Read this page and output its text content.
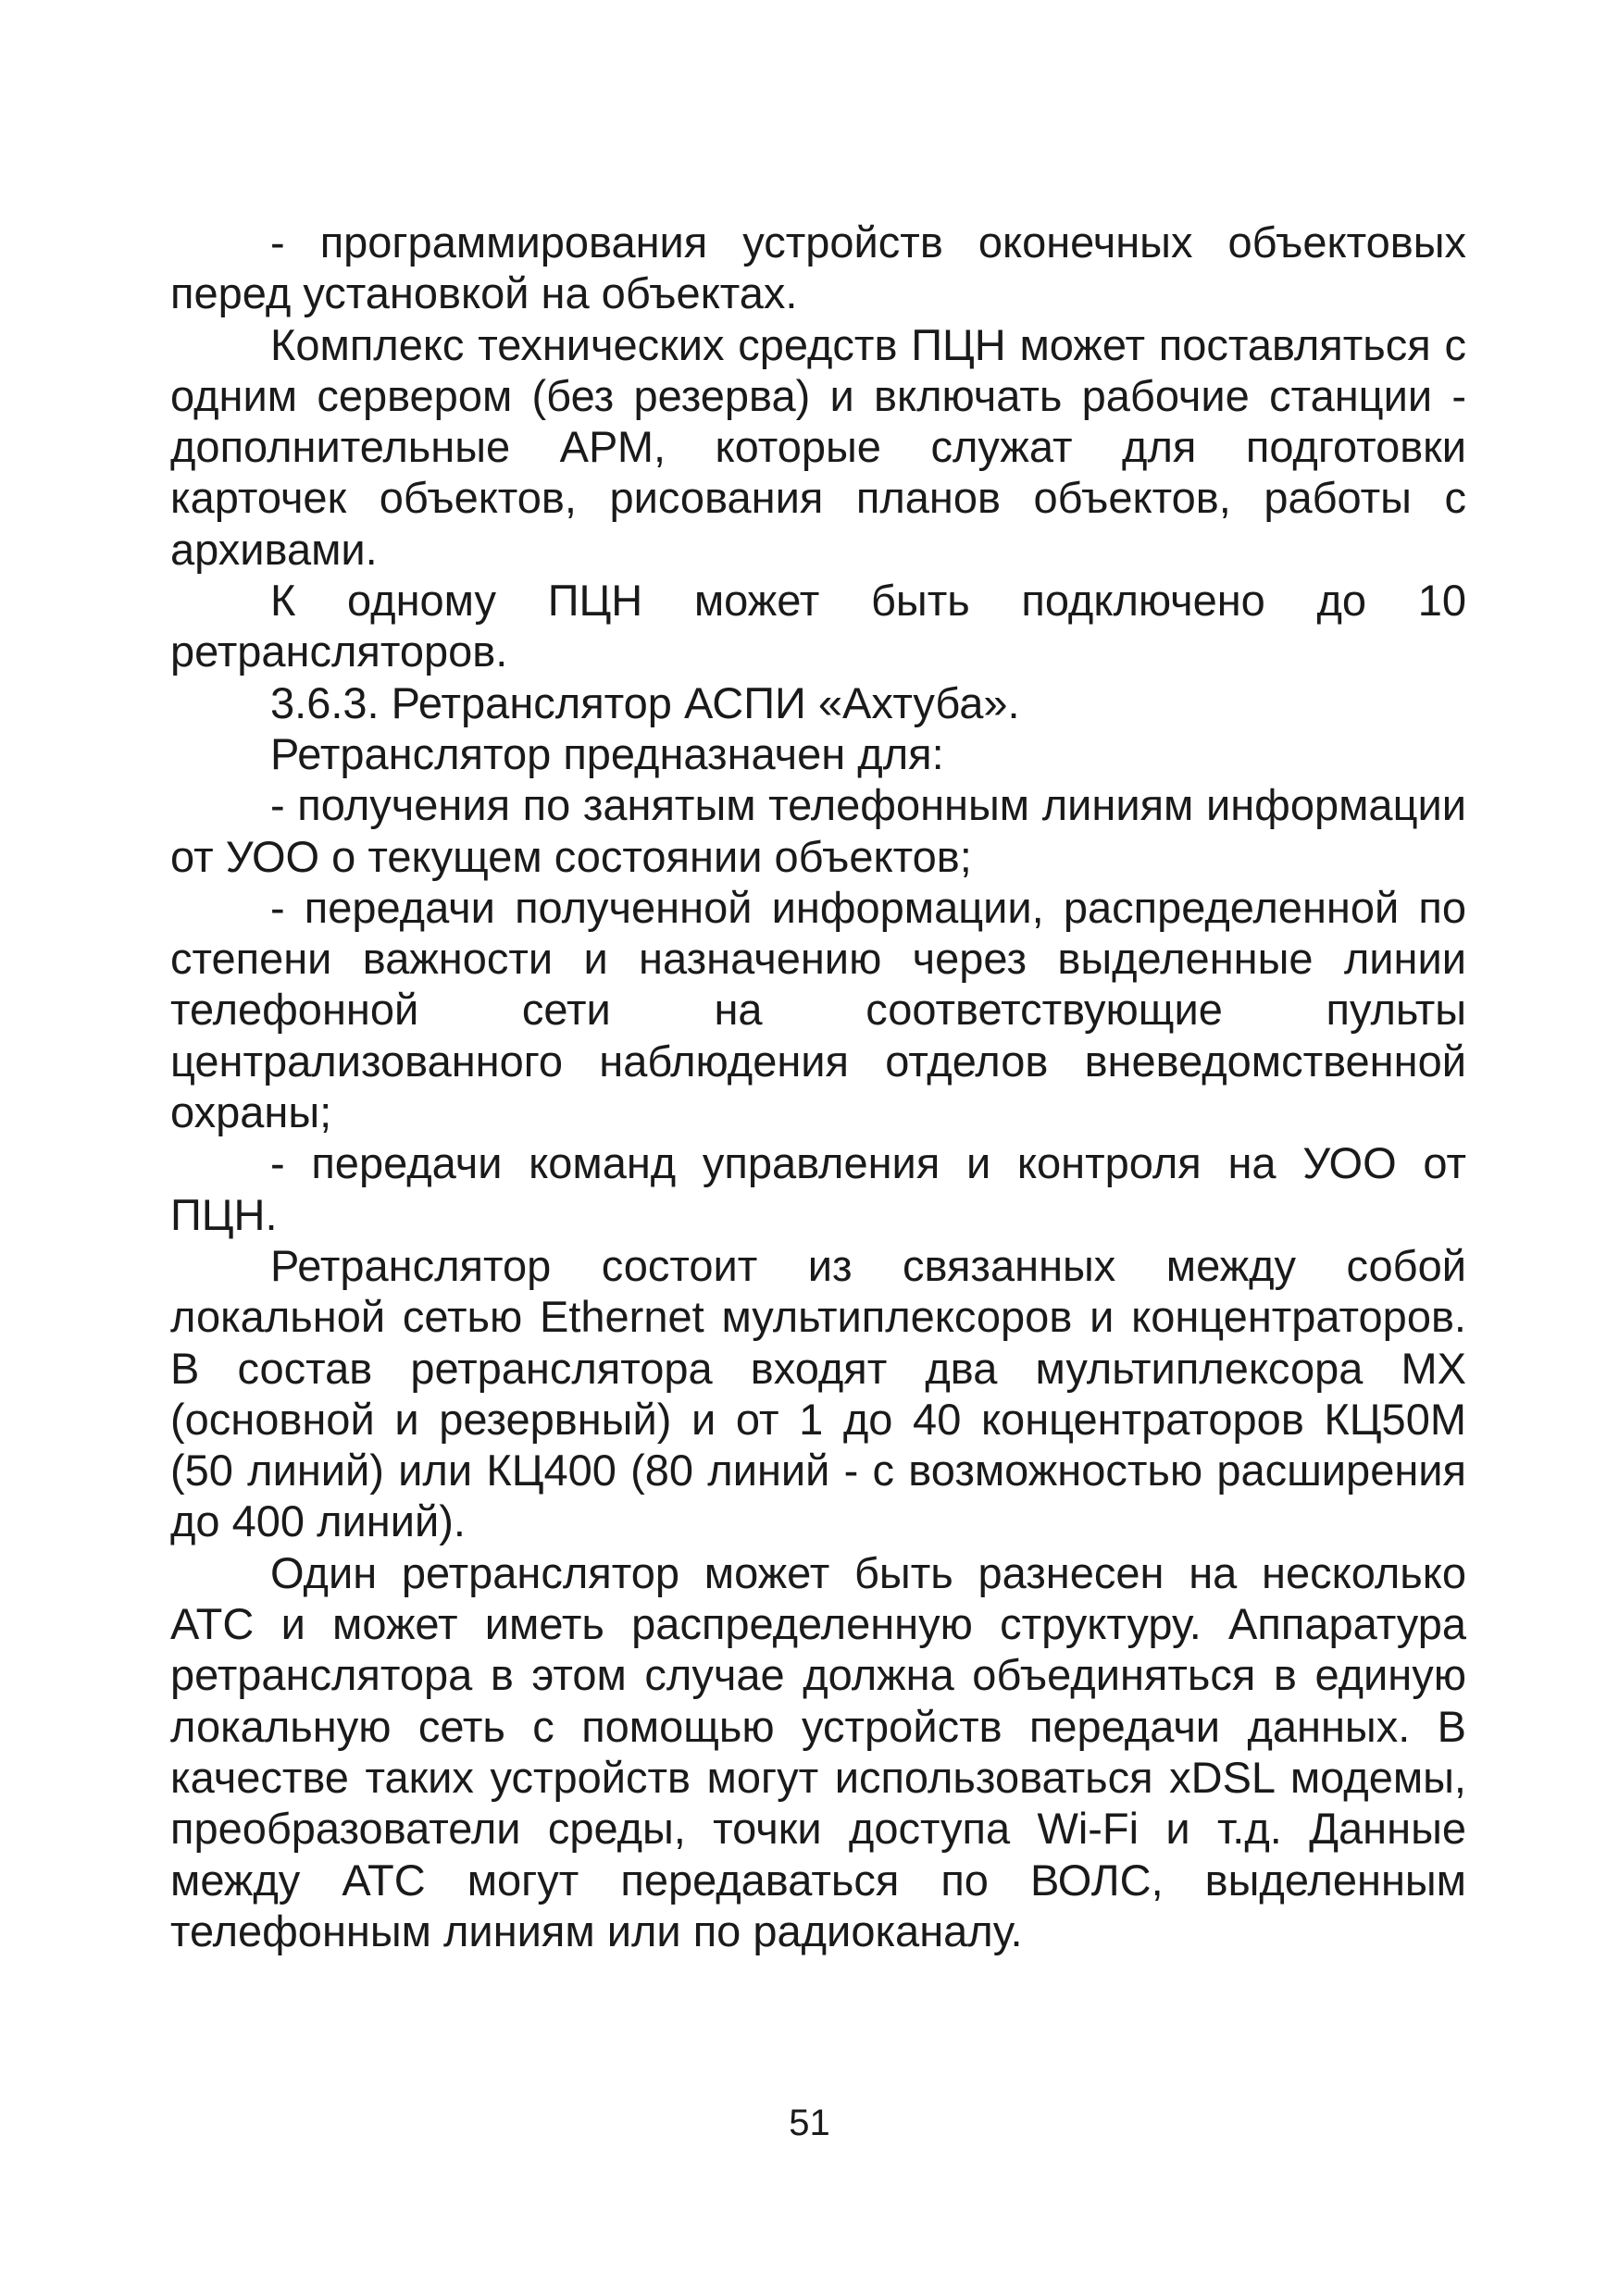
- программирования устройств оконечных объектовых перед установкой на объектах.

Комплекс технических средств ПЦН может поставляться с одним сервером (без резерва) и включать рабочие станции - дополнительные АРМ, которые служат для подготовки карточек объектов, рисования планов объектов, работы с архивами.

К одному ПЦН может быть подключено до 10 ретрансляторов.

3.6.3. Ретранслятор АСПИ «Ахтуба».

Ретранслятор предназначен для:

- получения по занятым телефонным линиям информации от УОО о текущем состоянии объектов;

- передачи полученной информации, распределенной по степени важности и назначению через выделенные линии телефонной сети на соответствующие пульты централизованного наблюдения отделов вневедомственной охраны;

- передачи команд управления и контроля на УОО от ПЦН.

Ретранслятор состоит из связанных между собой локальной сетью Ethernet мультиплексоров и концентраторов. В состав ретранслятора входят два мультиплексора МХ (основной и резервный) и от 1 до 40 концентраторов КЦ50М (50 линий) или КЦ400 (80 линий - с возможностью расширения до 400 линий).

Один ретранслятор может быть разнесен на несколько АТС и может иметь распределенную структуру. Аппаратура ретранслятора в этом случае должна объединяться в единую локальную сеть с помощью устройств передачи данных. В качестве таких устройств могут использоваться xDSL модемы, преобразователи среды, точки доступа Wi-Fi и т.д. Данные между АТС могут передаваться по ВОЛС, выделенным телефонным линиям или по радиоканалу.

51
